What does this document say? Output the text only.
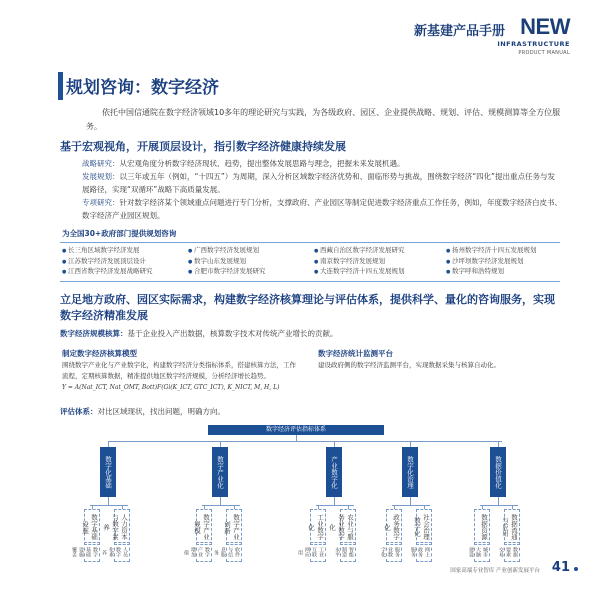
NEW
新基建产品手册
INFRASTRUCTURE
PRODUCT MANUAL
规划咨询：数字经济
依托中国信通院在数字经济领域10多年的理论研究与实践，为各级政府、园区、企业提供战略、规划、评估、规模测算等全方位服务。
基于宏观视角，开展顶层设计，指引数字经济健康持续发展
战略研究：从宏观角度分析数字经济现状、趋势，提出整体发展思路与理念，把握未来发展机遇。
发展规划：以三年或五年（例如，“十四五”）为周期，深入分析区域数字经济优势和、面临形势与挑战，围绕数字经济“四化”提出重点任务与发展路径，实现“双循环”战略下高质量发展。
专项研究：针对数字经济某个领域重点问题进行专门分析，支撑政府、产业园区等制定促进数字经济重点工作任务，例如，年度数字经济白皮书、数字经济产业园区规划。
为全国30+政府部门提供规划咨询
● 长三角区域数字经济发展
● 江苏数字经济发展顶层设计
● 江西省数字经济发展战略研究
● 广西数字经济发展规划
● 数字山东发展规划
● 合肥市数字经济发展研究
● 西藏自治区数字经济发展研究
● 南京数字经济发展规划
● 大连数字经济十四五发展规划
● 扬州数字经济十四五发展规划
● 沙坪坝数字经济发展规划
● 数字呼和浩特规划
立足地方政府、园区实际需求，构建数字经济核算理论与评估体系，提供科学、量化的咨询服务，实现数字经济精准发展
数字经济规模核算：基于企业投入产出数据，核算数字技术对传统产业增长的贡献。
制定数字经济核算模型
围绕数字产业化与产业数字化，构建数字经济分类指标体系，搭建核算方法，工作流程，定期核算数据，精准提供地区数字经济规模，分析经济增长趋势。
Y = A(Nat_ICT, Nat_OMT, Bott)F(Gi(K_ICT, GTC_ICT), K_NICT, M, H, L)
数字经济统计监测平台
建设政府侧的数字经济监测平台，实现数据采集与核算自动化。
评估体系：对比区域现状，找出问题，明确方向。
数字经济评估指标体系
数字化基础	数字产业化	产业数字化	数字化治理	数据价值化
数字基础设施
数字基础设施覆盖
人力资本与数字素养
人员数字化素养
数字产业规模
数字产业增加值
数字产业创新
软件与信息服务
工业数字化
工业互联网应用
农业与服务业数字化
智能制造水平
政务数字化
服务业数字化
社会治理数字化
网上政务服务
数据资源
城市大脑建设
数据流通与应用
数据要素交易
国家高端专业智库 产业创新发展平台 41
